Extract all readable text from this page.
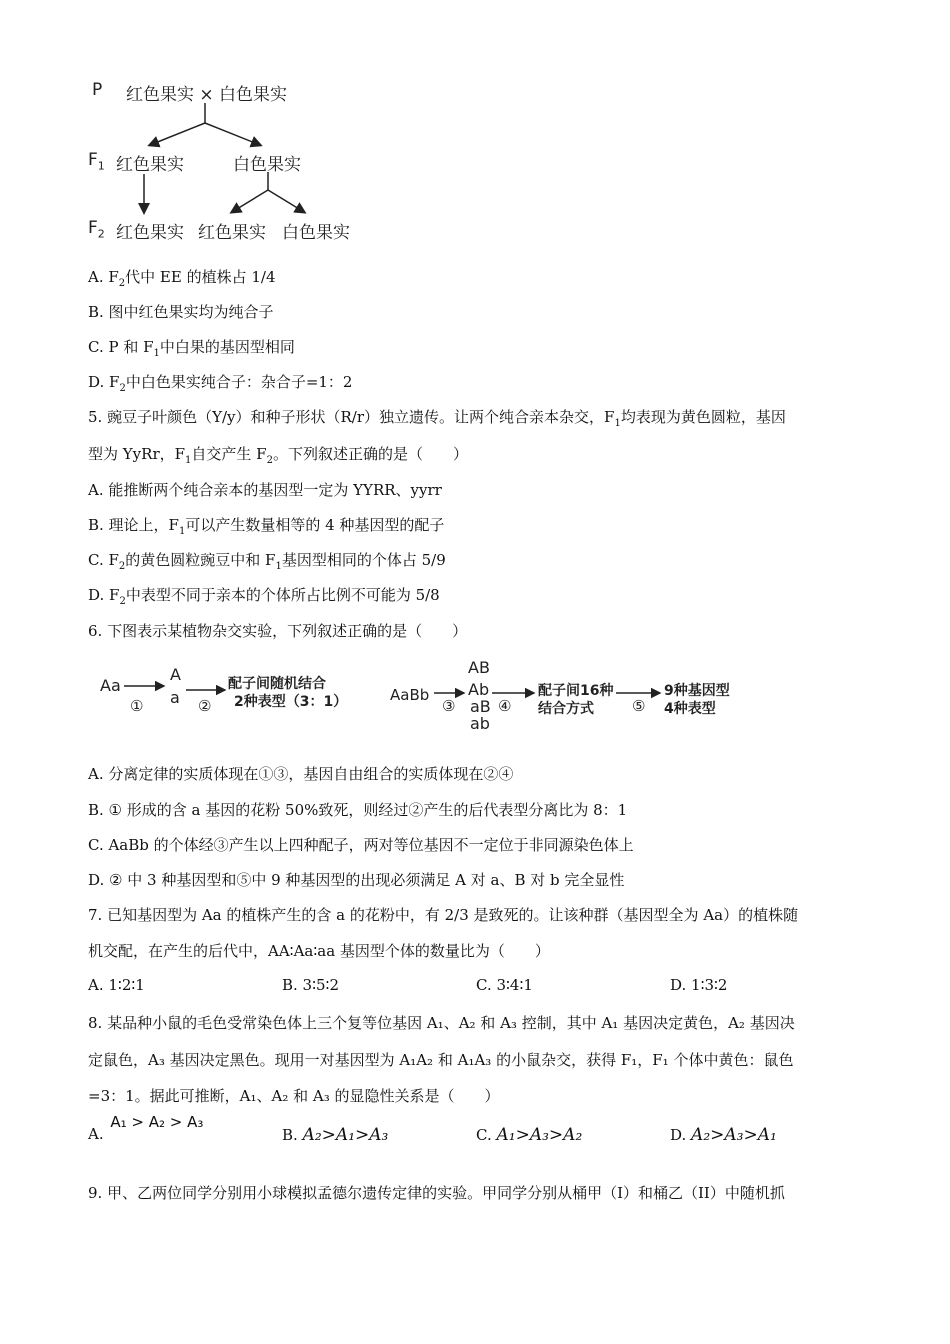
P 红色果实 × 白色果实
$F_1$ 红色果实	白色果实
$F_2$ 红色果实 红色果实 白色果实
A. $F_2$代中 EE 的植株占 1/4
B. 图中红色果实均为纯合子
C. P 和 $F_1$中白果的基因型相同
D. $F_2$中白色果实纯合子：杂合子=1：2
5. 豌豆子叶颜色（Y/y）和种子形状（R/r）独立遗传。让两个纯合亲本杂交，$F_1$均表现为黄色圆粒，基因
型为 YyRr，$F_1$自交产生 $F_2$。下列叙述正确的是（　　）
A. 能推断两个纯合亲本的基因型一定为 YYRR、yyrr
B. 理论上，$F_1$可以产生数量相等的 4 种基因型的配子
C. $F_2$的黄色圆粒豌豆中和 $F_1$基因型相同的个体占 5/9
D. $F_2$中表型不同于亲本的个体所占比例不可能为 5/8
6. 下图表示某植物杂交实验，下列叙述正确的是（　　）
Aa
①
A
a ②
配子间随机结合
2种表型（3：1）	AaBb
③
AB
Ab
aB
ab
④
配子间16种
结合方式	⑤
9种基因型
4种表型
A. 分离定律的实质体现在①③，基因自由组合的实质体现在②④
B. ① 形成的含 a 基因的花粉 50%致死，则经过②产生的后代表型分离比为 8：1
C. AaBb 的个体经③产生以上四种配子，两对等位基因不一定位于非同源染色体上
D. ② 中 3 种基因型和⑤中 9 种基因型的出现必须满足 A 对 a、B 对 b 完全显性
7. 已知基因型为 Aa 的植株产生的含 a 的花粉中，有 2/3 是致死的。让该种群（基因型全为 Aa）的植株随
机交配，在产生的后代中，AA∶Aa∶aa 基因型个体的数量比为（　　）
A. 1∶2∶1	B. 3∶5∶2	C. 3∶4∶1	D. 1∶3∶2
8. 某品种小鼠的毛色受常染色体上三个复等位基因 A₁、A₂ 和 A₃ 控制，其中 A₁ 基因决定黄色，A₂ 基因决
定鼠色，A₃ 基因决定黑色。现用一对基因型为 A₁A₂ 和 A₁A₃ 的小鼠杂交，获得 F₁，F₁ 个体中黄色：鼠色
=3：1。据此可推断，A₁、A₂ 和 A₃ 的显隐性关系是（　　）
A. A₁ > A₂ > A₃
B. A₂>A₁>A₃	C. A₁>A₃>A₂	D. A₂>A₃>A₁
9. 甲、乙两位同学分别用小球模拟孟德尔遗传定律的实验。甲同学分别从桶甲（I）和桶乙（II）中随机抓
